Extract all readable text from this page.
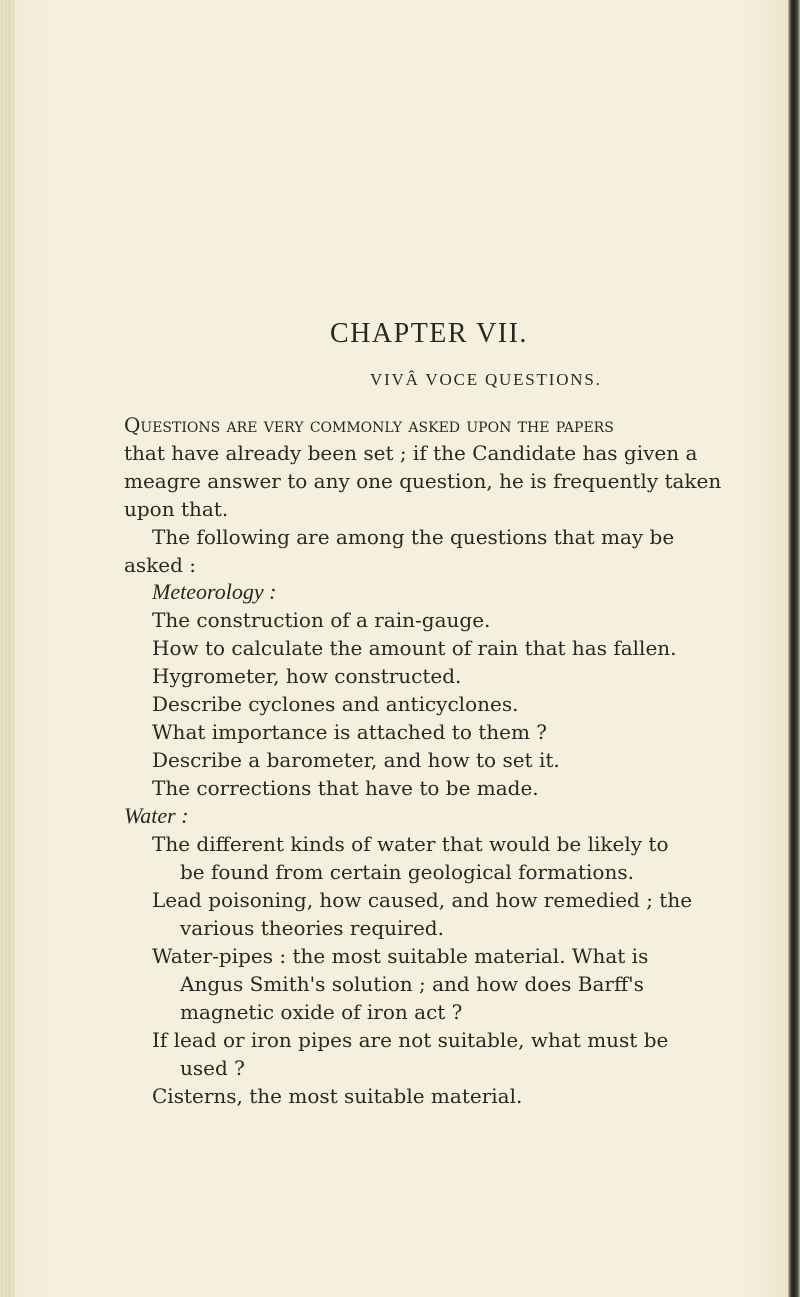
CHAPTER VII.
VIVÂ VOCE QUESTIONS.
Questions are very commonly asked upon the papers
that have already been set ; if the Candidate has given a
meagre answer to any one question, he is frequently taken
upon that.
The following are among the questions that may be
asked :
Meteorology :
The construction of a rain-gauge.
How to calculate the amount of rain that has fallen.
Hygrometer, how constructed.
Describe cyclones and anticyclones.
What importance is attached to them ?
Describe a barometer, and how to set it.
The corrections that have to be made.
Water :
The different kinds of water that would be likely to
be found from certain geological formations.
Lead poisoning, how caused, and how remedied ; the
various theories required.
Water-pipes : the most suitable material. What is
Angus Smith's solution ; and how does Barff's
magnetic oxide of iron act ?
If lead or iron pipes are not suitable, what must be
used ?
Cisterns, the most suitable material.
